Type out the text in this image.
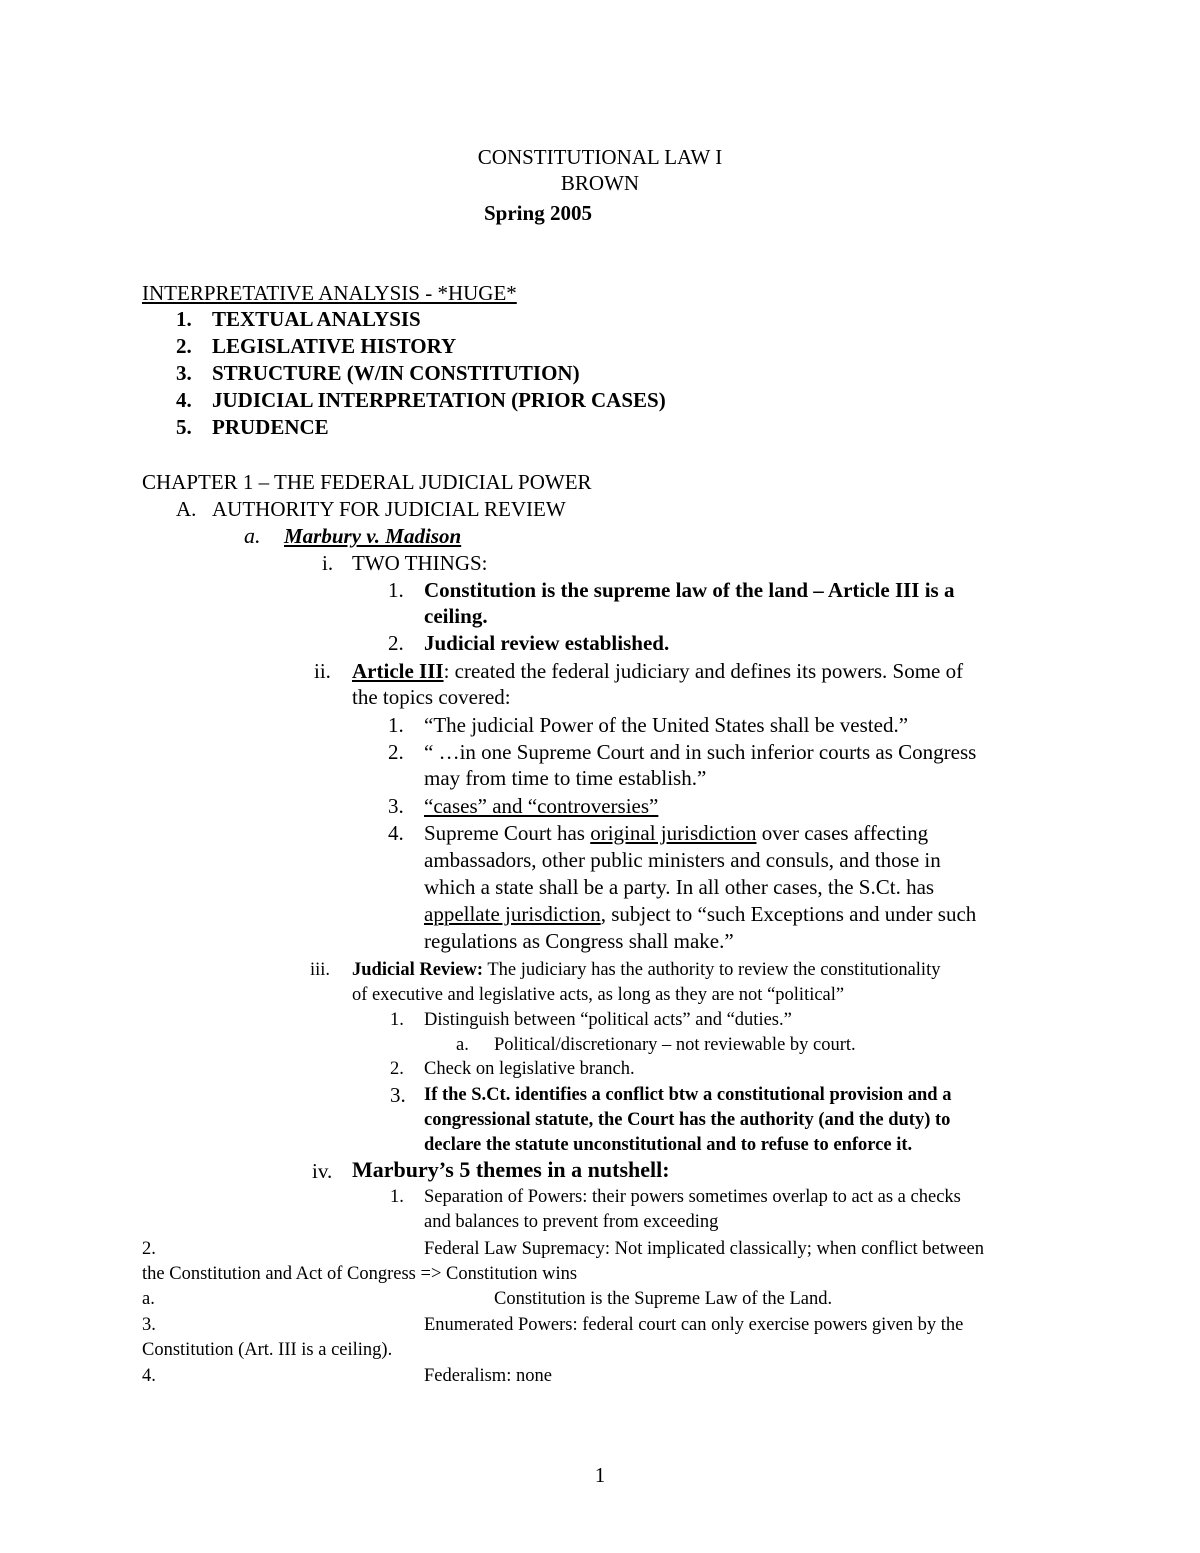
CONSTITUTIONAL LAW I
BROWN
Spring 2005
INTERPRETATIVE ANALYSIS - *HUGE*
1. TEXTUAL ANALYSIS
2. LEGISLATIVE HISTORY
3. STRUCTURE (W/IN CONSTITUTION)
4. JUDICIAL INTERPRETATION (PRIOR CASES)
5. PRUDENCE
CHAPTER 1 – THE FEDERAL JUDICIAL POWER
A. AUTHORITY FOR JUDICIAL REVIEW
a. Marbury v. Madison
i. TWO THINGS:
1. Constitution is the supreme law of the land – Article III is a
ceiling.
2. Judicial review established.
ii. Article III: created the federal judiciary and defines its powers. Some of
the topics covered:
1. “The judicial Power of the United States shall be vested.”
2. “ …in one Supreme Court and in such inferior courts as Congress
may from time to time establish.”
3. “cases” and “controversies”
4. Supreme Court has original jurisdiction over cases affecting
ambassadors, other public ministers and consuls, and those in
which a state shall be a party. In all other cases, the S.Ct. has
appellate jurisdiction, subject to “such Exceptions and under such
regulations as Congress shall make.”
iii. Judicial Review: The judiciary has the authority to review the constitutionality
of executive and legislative acts, as long as they are not “political”
1. Distinguish between “political acts” and “duties.”
a. Political/discretionary – not reviewable by court.
2. Check on legislative branch.
3. If the S.Ct. identifies a conflict btw a constitutional provision and a
congressional statute, the Court has the authority (and the duty) to
declare the statute unconstitutional and to refuse to enforce it.
iv. Marbury’s 5 themes in a nutshell:
1. Separation of Powers: their powers sometimes overlap to act as a checks
and balances to prevent from exceeding
2.	Federal Law Supremacy: Not implicated classically; when conflict between
the Constitution and Act of Congress => Constitution wins
a.	Constitution is the Supreme Law of the Land.
3.	Enumerated Powers: federal court can only exercise powers given by the
Constitution (Art. III is a ceiling).
4.	Federalism: none
1
